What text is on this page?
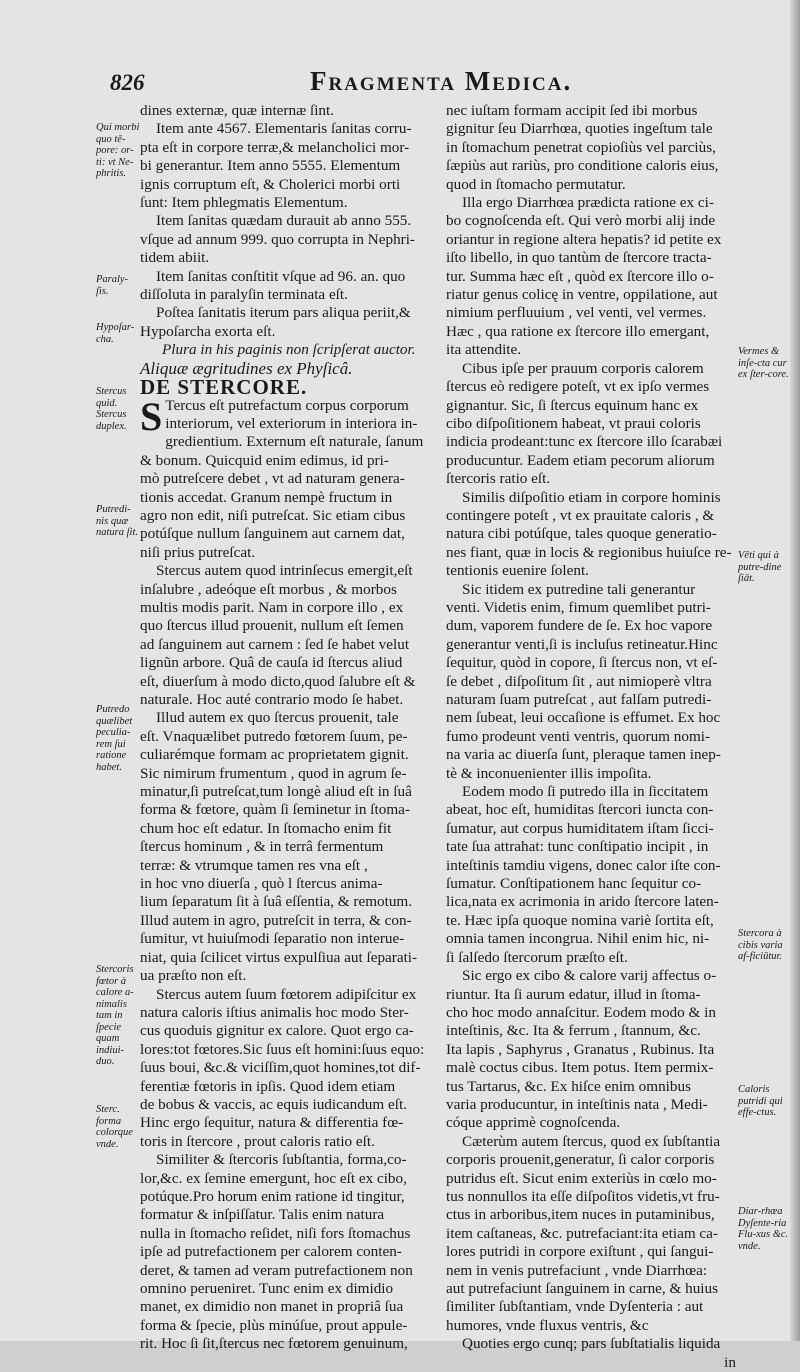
826	Fragmenta Medica.
Qui morbi quo tē-pore: or-ti: vt Ne-phritis.
Paraly-ſis.
Hypoſar-cha.
Stercus quid. Stercus duplex.
Putredi-nis quæ natura ſit.
Putredo quælibet peculia-rem ſui ratione habet.
Stercoris fœtor à calore a-nimalis tam in ſpecie quam indiui-duo.
Sterc. forma colorque vnde.
Vermes & inſe-cta cur ex ſter-core.
Vēti qui à putre-dine ſiāt.
Stercora à cibis varia af-ficiūtur.
Caloris putridi qui effe-ctus.
Diar-rhœa Dyſente-ria Flu-xus &c. vnde.

dines externæ, quæ internæ ſint.
Item ante 4567. Elementaris ſanitas corru-
pta eſt in corpore terræ,& melancholici mor-
bi generantur. Item anno 5555. Elementum
ignis corruptum eſt, & Cholerici morbi orti
ſunt: Item phlegmatis Elementum.

Item ſanitas quædam durauit ab anno 555.
vſque ad annum 999. quo corrupta in Nephri-
tidem abiit.

Item ſanitas conſtitit vſque ad 96. an. quo
diſſoluta in paralyſin terminata eſt.

Poſtea ſanitatis iterum pars aliqua periit,&
Hypoſarcha exorta eſt.

Plura in his paginis non ſcripſerat auctor.

Aliquæ ægritudines ex Phyſicâ.

DE STERCORE.

S Tercus eſt putrefactum corpus corporum
interiorum, vel exteriorum in interiora in-
gredientium. Externum eſt naturale, ſanum
& bonum. Quicquid enim edimus, id pri-
mò putreſcere debet , vt ad naturam genera-
tionis accedat. Granum nempè fructum in
agro non edit, niſi putreſcat. Sic etiam cibus
potúſque nullum ſanguinem aut carnem dat,
niſi prius putreſcat.

Stercus autem quod intrinſecus emergit,eſt
inſalubre , adeóque eſt morbus , & morbos
multis modis parit. Nam in corpore illo , ex
quo ſtercus illud prouenit, nullum eſt ſemen
ad ſanguinem aut carnem : ſed ſe habet velut
lignũn arbore. Quâ de cauſa id ſtercus aliud
eſt, diuerſum à modo dicto,quod ſalubre eſt &
naturale. Hoc auté contrario modo ſe habet.

Illud autem ex quo ſtercus prouenit, tale
eſt. Vnaquælibet putredo fœtorem ſuum, pe-
culiarémque formam ac proprietatem gignit.
Sic nimirum frumentum , quod in agrum ſe-
minatur,ſi putreſcat,tum longè aliud eſt in ſuâ
forma & fœtore, quàm ſi ſeminetur in ſtoma-
chum hoc eſt edatur. In ſtomacho enim fit
ſtercus hominum , & in terrâ fermentum
terræ: & vtrumque tamen res vna eſt ,
in hoc vno diuerſa , quò l ſtercus anima-
lium ſeparatum ſit à ſuâ eſſentia, & remotum.
Illud autem in agro, putreſcit in terra, & con-
ſumitur, vt huiuſmodi ſeparatio non interue-
niat, quia ſcilicet virtus expulſiua aut ſeparati-
ua præſto non eſt.

Stercus autem ſuum fœtorem adipiſcitur ex
natura caloris iſtius animalis hoc modo Ster-
cus quoduis gignitur ex calore. Quot ergo ca-
lores:tot fœtores.Sic ſuus eſt homini:ſuus equo:
ſuus boui, &c.& viciſſim,quot homines,tot dif-
ferentiæ fœtoris in ipſis. Quod idem etiam
de bobus & vaccis, ac equis iudicandum eſt.
Hinc ergo ſequitur, natura & differentia fœ-
toris in ſtercore , prout caloris ratio eſt.

Similiter & ſtercoris ſubſtantia, forma,co-
lor,&c. ex ſemine emergunt, hoc eſt ex cibo,
potúque.Pro horum enim ratione id tingitur,
formatur & inſpiſſatur. Talis enim natura
nulla in ſtomacho reſidet, niſi fors ſtomachus
ipſe ad putrefactionem per calorem conten-
deret, & tamen ad veram putrefactionem non
omnino perueniret. Tunc enim ex dimidio
manet, ex dimidio non manet in propriâ ſua
forma & ſpecie, plùs minúſue, prout appule-
rit. Hoc ſi ſit,ſtercus nec fœtorem genuinum,

nec iuſtam formam accipit ſed ibi morbus
gignitur ſeu Diarrhœa, quoties ingeſtum tale
in ſtomachum penetrat copioſiùs vel parciùs,
ſæpiùs aut rariùs, pro conditione caloris eius,
quod in ſtomacho permutatur.

Illa ergo Diarrhœa prædicta ratione ex ci-
bo cognoſcenda eſt. Qui verò morbi alij inde
oriantur in regione altera hepatis? id petite ex
iſto libello, in quo tantùm de ſtercore tracta-
tur. Summa hæc eſt , quòd ex ſtercore illo o-
riatur genus colicę in ventre, oppilatione, aut
nimium perfluuium , vel venti, vel vermes.
Hæc , qua ratione ex ſtercore illo emergant,
ita attendite.

Cibus ipſe per prauum corporis calorem
ſtercus eò redigere poteſt, vt ex ipſo vermes
gignantur. Sic, ſi ſtercus equinum hanc ex
cibo diſpoſitionem habeat, vt praui coloris
indicia prodeant:tunc ex ſtercore illo ſcarabæi
producuntur. Eadem etiam pecorum aliorum
ſtercoris ratio eſt.

Similis diſpoſitio etiam in corpore hominis
contingere poteſt , vt ex prauitate caloris , &
natura cibi potúſque, tales quoque generatio-
nes fiant, quæ in locis & regionibus huiuſce re-
tentionis euenire ſolent.

Sic itidem ex putredine tali generantur
venti. Videtis enim, fimum quemlibet putri-
dum, vaporem fundere de ſe. Ex hoc vapore
generantur venti,ſi is incluſus retineatur.Hinc
ſequitur, quòd in copore, ſi ſtercus non, vt eſ-
ſe debet , diſpoſitum ſit , aut nimioperè vltra
naturam ſuam putreſcat , aut falſam putredi-
nem ſubeat, leui occaſione is effumet. Ex hoc
fumo prodeunt venti ventris, quorum nomi-
na varia ac diuerſa ſunt, pleraque tamen inep-
tè & inconuenienter illis impoſita.

Eodem modo ſi putredo illa in ſiccitatem
abeat, hoc eſt, humiditas ſtercori iuncta con-
ſumatur, aut corpus humiditatem iſtam ſicci-
tate ſua attrahat: tunc conſtipatio incipit , in
inteſtinis tamdiu vigens, donec calor iſte con-
ſumatur. Conſtipationem hanc ſequitur co-
lica,nata ex acrimonia in arido ſtercore laten-
te. Hæc ipſa quoque nomina variè ſortita eſt,
omnia tamen incongrua. Nihil enim hic, ni-
ſi ſalſedo ſtercorum præſto eſt.

Sic ergo ex cibo & calore varij affectus o-
riuntur. Ita ſi aurum edatur, illud in ſtoma-
cho hoc modo annaſcitur. Eodem modo & in
inteſtinis, &c. Ita & ferrum , ſtannum, &c.
Ita lapis , Saphyrus , Granatus , Rubinus. Ita
malè coctus cibus. Item potus. Item permix-
tus Tartarus, &c. Ex hiſce enim omnibus
varia producuntur, in inteſtinis nata , Medi-
cóque apprimè cognoſcenda.

Cæterùm autem ſtercus, quod ex ſubſtantia
corporis prouenit,generatur, ſi calor corporis
putridus eſt. Sicut enim exteriùs in cœlo mo-
tus nonnullos ita eſſe diſpoſitos videtis,vt fru-
ctus in arboribus,item nuces in putaminibus,
item caſtaneas, &c. putrefaciant:ita etiam ca-
lores putridi in corpore exiſtunt , qui ſangui-
nem in venis putrefaciunt , vnde Diarrhœa:
aut putrefaciunt ſanguinem in carne, & huius
ſimiliter ſubſtantiam, vnde Dyſenteria : aut
humores, vnde fluxus ventris, &c

Quoties ergo cunq; pars ſubſtatialis liquida
in
